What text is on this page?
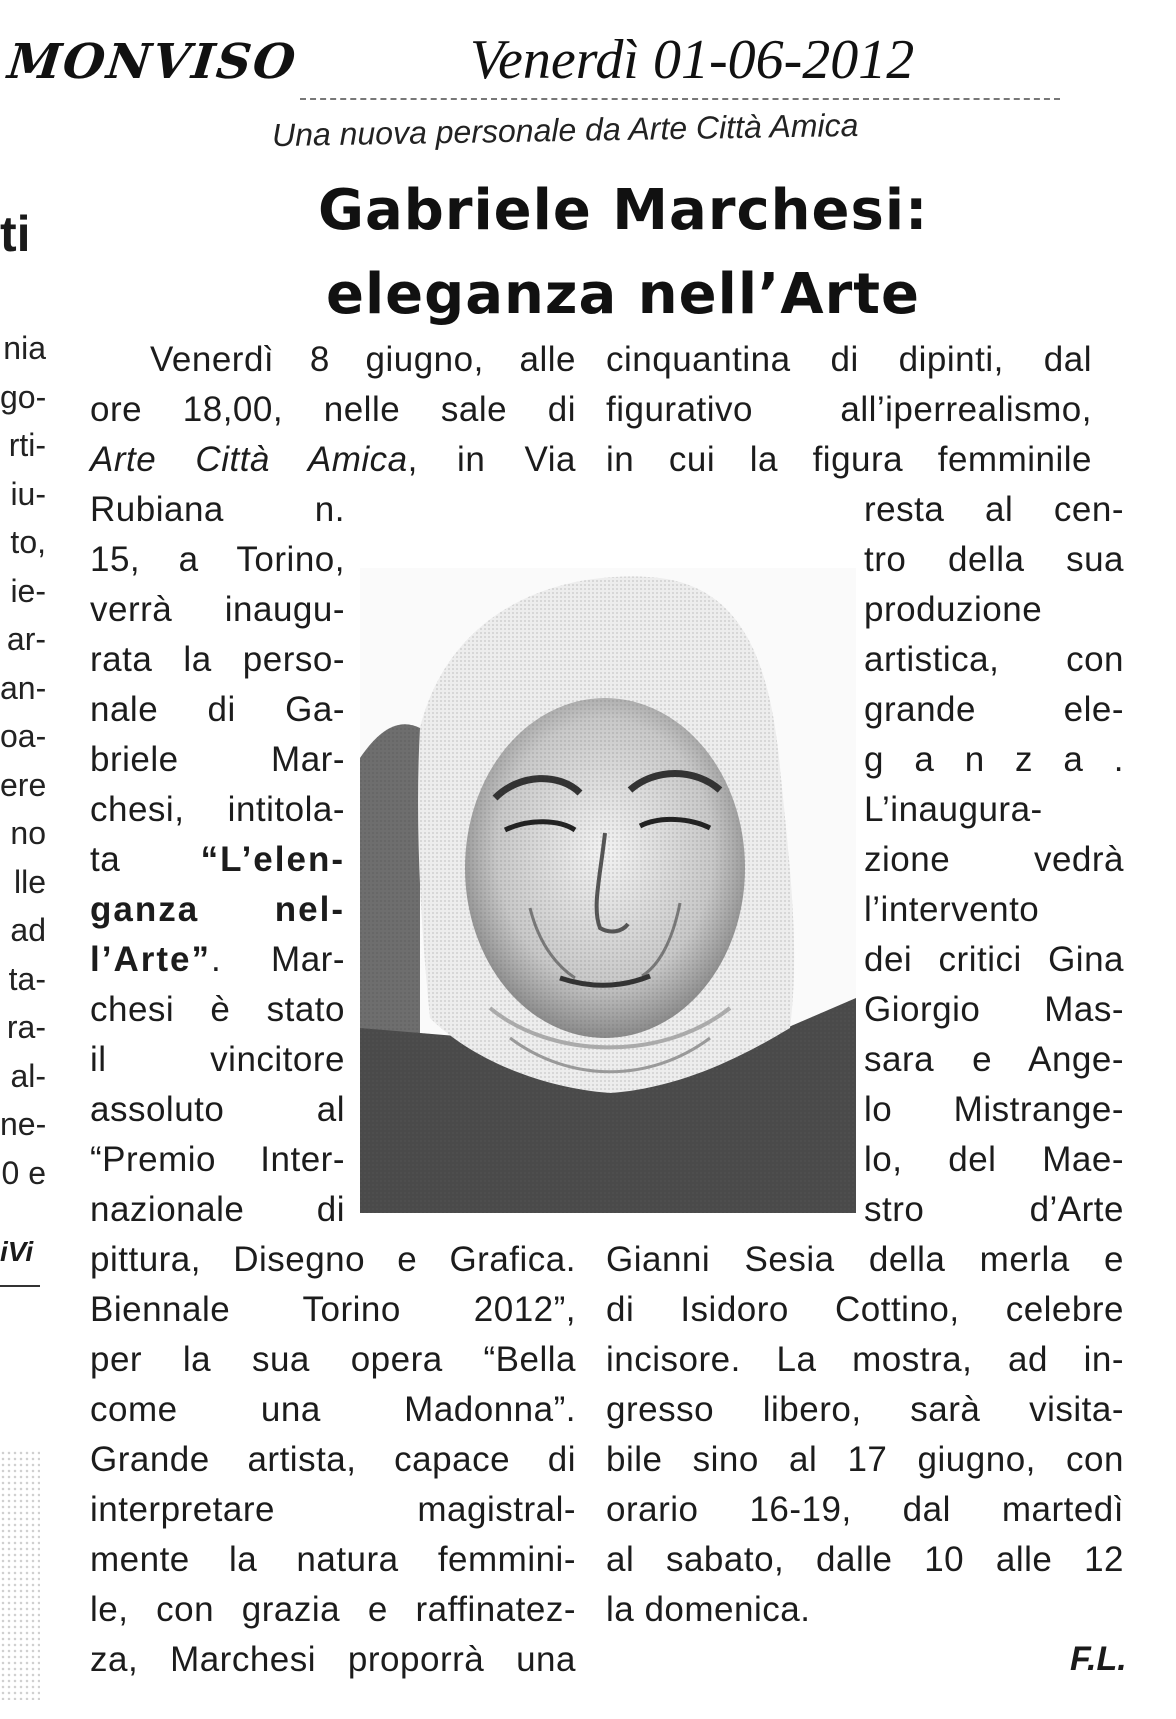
MONVISO	Venerdì 01-06-2012
ti
nia
go-
rti-
iu-
to,
ie-
ar-
an-
oa-
ere
no
lle
ad
ta-
ra-
al-
ne-
0 e
iVi
Una nuova personale da Arte Città Amica
Gabriele Marchesi:
eleganza nell’Arte
Venerdì 8 giugno, alle
ore 18,00, nelle sale di
Arte Città Amica, in Via
Rubiana n.
15, a Torino,
verrà inaugu-
rata la perso-
nale di Ga-
briele Mar-
chesi, intitola-
ta “L’elen-
ganza nel-
l’Arte”. Mar-
chesi è stato
il vincitore
assoluto al
“Premio Inter-
nazionale di
pittura, Disegno e Grafica.
Biennale Torino 2012”,
per la sua opera “Bella
come una Madonna”.
Grande artista, capace di
interpretare magistral-
mente la natura femmini-
le, con grazia e raffinatez-
za, Marchesi proporrà una
cinquantina di dipinti, dal
figurativo all’iperrealismo,
in cui la figura femminile
resta al cen-
tro della sua
produzione
artistica, con
grande ele-
g a n z a .
L’inaugura-
zione vedrà
l’intervento
dei critici Gina
Giorgio Mas-
sara e Ange-
lo Mistrange-
lo, del Mae-
stro d’Arte
Gianni Sesia della merla e
di Isidoro Cottino, celebre
incisore. La mostra, ad in-
gresso libero, sarà visita-
bile sino al 17 giugno, con
orario 16-19, dal martedì
al sabato, dalle 10 alle 12
la domenica.
F.L.
